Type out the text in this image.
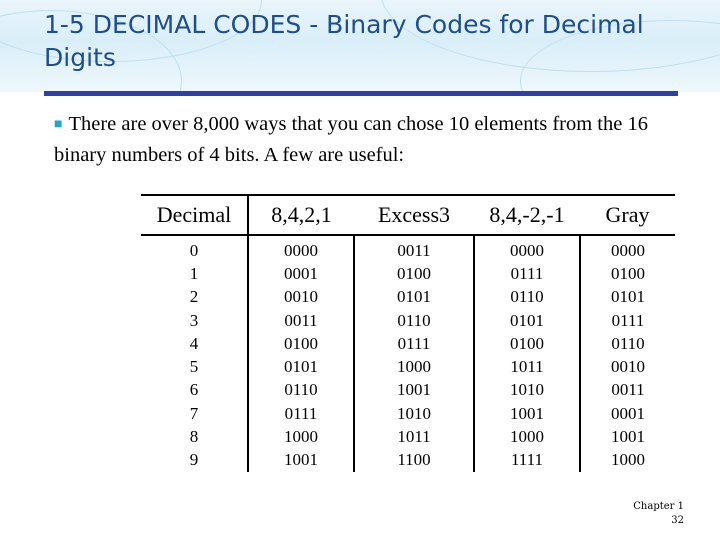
1-5 DECIMAL CODES - Binary Codes for Decimal Digits
■ There are over 8,000 ways that you can chose 10 elements from the 16 binary numbers of 4 bits. A few are useful:
Decimal	8,4,2,1	Excess3	8,4,-2,-1	Gray
0	0000	0011	0000	0000
1	0001	0100	0111	0100
2	0010	0101	0110	0101
3	0011	0110	0101	0111
4	0100	0111	0100	0110
5	0101	1000	1011	0010
6	0110	1001	1010	0011
7	0111	1010	1001	0001
8	1000	1011	1000	1001
9	1001	1100	1111	1000
Chapter 1
32
